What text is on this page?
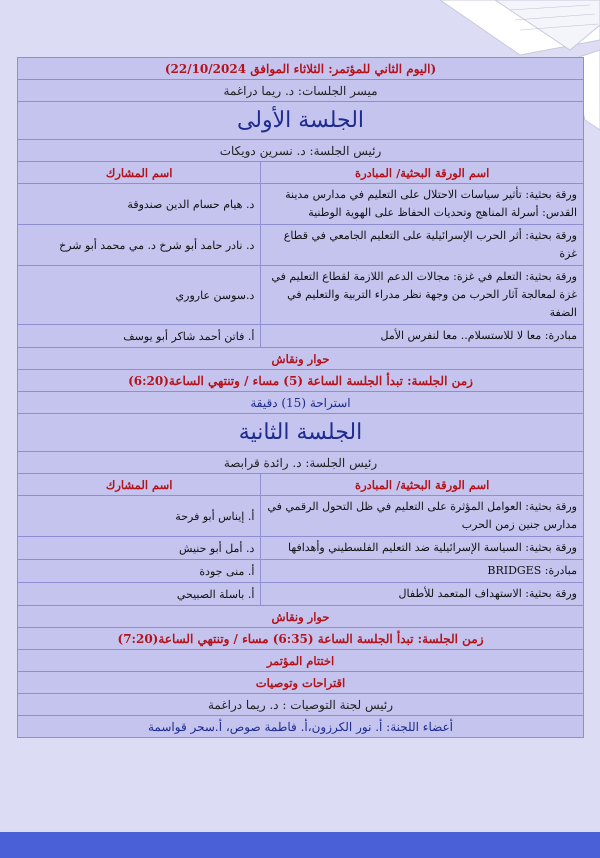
(اليوم الثاني للمؤتمر: الثلاثاء الموافق 22/10/2024)	
ميسر الجلسات: د. ريما دراغمة	
الجلسة الأولى	
رئيس الجلسة: د. نسرين دويكات	
اسم الورقة البحثية/ المبادرة	اسم المشارك
ورقة بحثية: تأثير سياسات الاحتلال على التعليم في مدارس مدينة القدس: أسرلة المناهج وتحديات الحفاظ على الهوية الوطنية	د. هيام حسام الدين صندوقة
ورقة بحثية: أثر الحرب الإسرائيلية على التعليم الجامعي في قطاع غزة	د. نادر حامد أبو شرخ د. مي محمد أبو شرخ
ورقة بحثية: التعلم في غزة: مجالات الدعم اللازمة لقطاع التعليم في غزة لمعالجة آثار الحرب من وجهة نظر مدراء التربية والتعليم في الضفة	د.سوسن عاروري
مبادرة: معا لا للاستسلام.. معا لنفرس الأمل	أ. فاتن أحمد شاكر أبو يوسف
حوار ونقاش	
زمن الجلسة: تبدأ الجلسة الساعة (5) مساء / وتنتهي الساعة(6:20)	
استراحة (15) دقيقة	
الجلسة الثانية	
رئيس الجلسة: د. رائدة قرابصة	
اسم الورقة البحثية/ المبادرة	اسم المشارك
ورقة بحثية: العوامل المؤثرة على التعليم في ظل التحول الرقمي في مدارس جنين زمن الحرب	أ. إيناس أبو فرحة
ورقة بحثية: السياسة الإسرائيلية ضد التعليم الفلسطيني وأهدافها	د. أمل أبو حنيش
مبادرة: BRIDGES	أ. منى جودة
ورقة بحثية: الاستهداف المتعمد للأطفال	أ. باسلة الصبيحي
حوار ونقاش	
زمن الجلسة: تبدأ الجلسة الساعة (6:35) مساء / وتنتهي الساعة(7:20)	
اختتام المؤتمر	
اقتراحات وتوصيات	
رئيس لجنة التوصيات : د. ريما دراغمة	
أعضاء اللجنة: أ. نور الكرزون،أ. فاطمة صوص، أ.سحر قواسمة	
